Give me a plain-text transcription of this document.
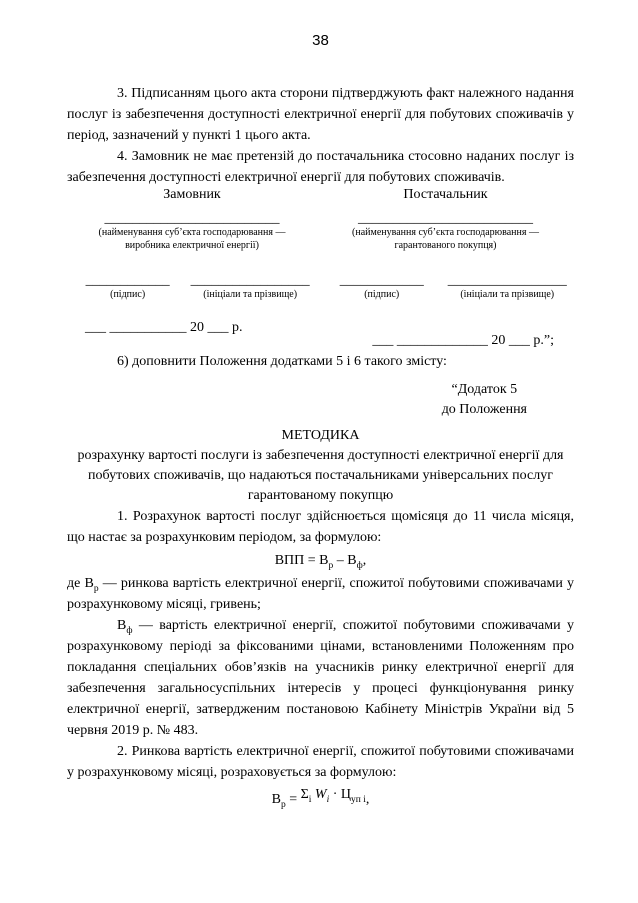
38

3. Підписанням цього акта сторони підтверджують факт належного надання послуг із забезпечення доступності електричної енергії для побутових споживачів у період, зазначений у пункті 1 цього акта.

4. Замовник не має претензій до постачальника стосовно наданих послуг із забезпечення доступності електричної енергії для побутових споживачів.

Замовник	Постачальник
_________________________
(найменування суб’єкта господарювання —
виробника електричної енергії)
_________________________
(найменування суб’єкта господарювання —
гарантованого покупця)
____________
(підпис)
_________________
(ініціали та прізвище)
____________
(підпис)
_________________
(ініціали та прізвище)
___ ___________ 20 ___ р.
___ _____________ 20 ___ р.”;

6) доповнити Положення додатками 5 і 6 такого змісту:

“Додаток 5
до Положення
МЕТОДИКА
розрахунку вартості послуги із забезпечення доступності електричної енергії для побутових споживачів, що надаються постачальниками універсальних послуг гарантованому покупцю

1. Розрахунок вартості послуг здійснюється щомісяця до 11 числа місяця, що настає за розрахунковим періодом, за формулою:

ВПП = $В_р - В_ф$,

де $В_р$ — ринкова вартість електричної енергії, спожитої побутовими споживачами у розрахунковому місяці, гривень;

$В_ф$ — вартість електричної енергії, спожитої побутовими споживачами у розрахунковому періоді за фіксованими цінами, встановленими Положенням про покладання спеціальних обов’язків на учасників ринку електричної енергії для забезпечення загальносуспільних інтересів у процесі функціонування ринку електричної енергії, затвердженим постановою Кабінету Міністрів України від 5 червня 2019 р. № 483.

2. Ринкова вартість електричної енергії, спожитої побутовими споживачами у розрахунковому місяці, розраховується за формулою:

$В_р = \Sigma_і$ $W_і \cdot Ц_{уп і}$,
